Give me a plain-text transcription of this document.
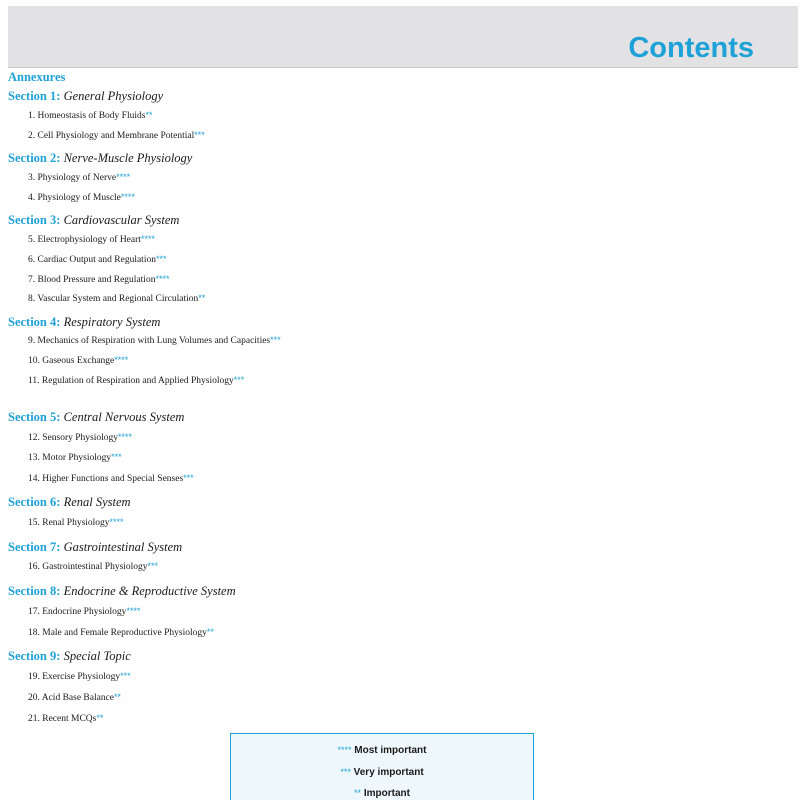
Contents
Annexures
Section 1: General Physiology
1. Homeostasis of Body Fluids**
2. Cell Physiology and Membrane Potential***
Section 2: Nerve-Muscle Physiology
3. Physiology of Nerve****
4. Physiology of Muscle****
Section 3: Cardiovascular System
5. Electrophysiology of Heart****
6. Cardiac Output and Regulation***
7. Blood Pressure and Regulation****
8. Vascular System and Regional Circulation**
Section 4: Respiratory System
9. Mechanics of Respiration with Lung Volumes and Capacities***
10. Gaseous Exchange****
11. Regulation of Respiration and Applied Physiology***
Section 5: Central Nervous System
12. Sensory Physiology****
13. Motor Physiology***
14. Higher Functions and Special Senses***
Section 6: Renal System
15. Renal Physiology****
Section 7: Gastrointestinal System
16. Gastrointestinal Physiology***
Section 8: Endocrine & Reproductive System
17. Endocrine Physiology****
18. Male and Female Reproductive Physiology**
Section 9: Special Topic
19. Exercise Physiology***
20. Acid Base Balance**
21. Recent MCQs**
**** Most important
*** Very important
** Important
